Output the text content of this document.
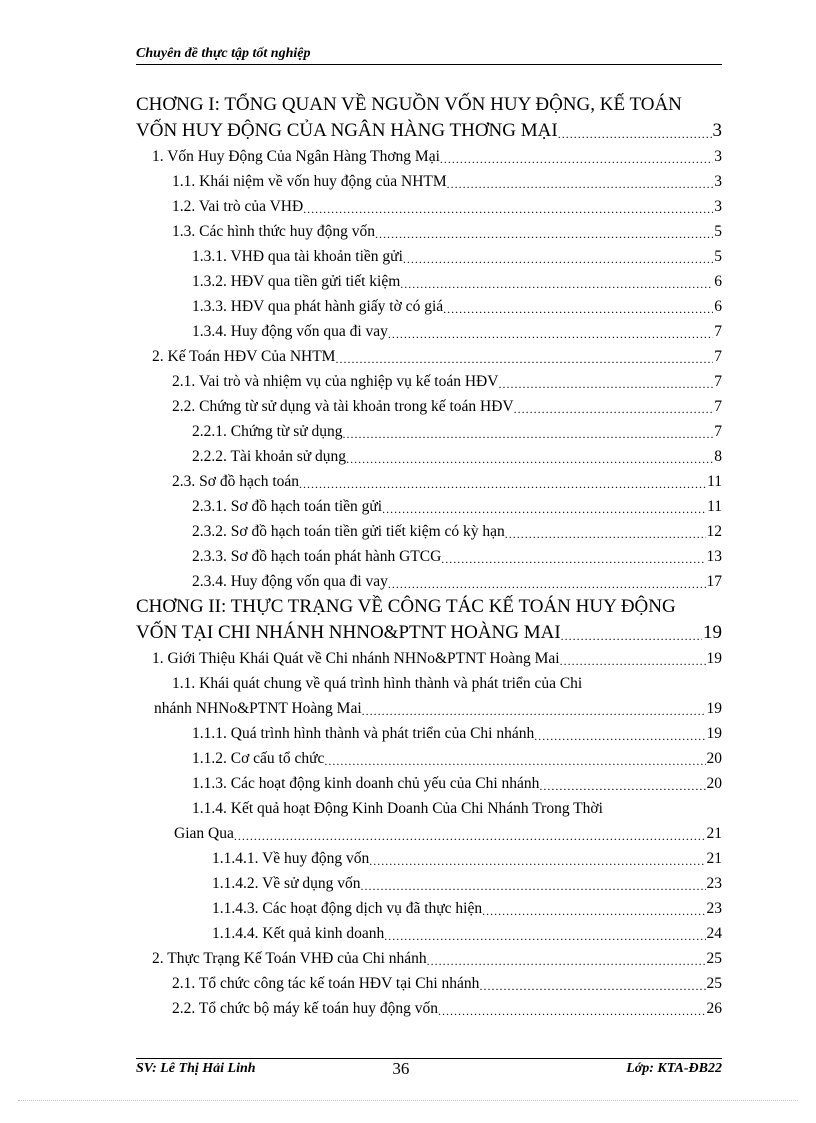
Chuyên đề thực tập tốt nghiệp
CHƠNG I: TỔNG QUAN VỀ NGUỒN VỐN HUY ĐỘNG, KẾ TOÁN
VỐN HUY ĐỘNG CỦA NGÂN HÀNG THƠNG MẠI .....	3
1. Vốn Huy Động Của Ngân Hàng Thơng Mại .....	3
1.1. Khái niệm về vốn huy động của NHTM .....	3
1.2. Vai trò của VHĐ .....	3
1.3. Các hình thức huy động vốn .....	5
1.3.1. VHĐ qua tài khoản tiền gửi .....	5
1.3.2. HĐV qua tiền gửi tiết kiệm .....	6
1.3.3. HĐV qua phát hành giấy tờ có giá .....	6
1.3.4. Huy động vốn qua đi vay .....	7
2. Kế Toán HĐV Của NHTM .....	7
2.1. Vai trò và nhiệm vụ của nghiệp vụ kế toán HĐV .....	7
2.2. Chứng từ sử dụng và tài khoản trong kế toán HĐV .....	7
2.2.1. Chứng từ sử dụng .....	7
2.2.2. Tài khoản sử dụng .....	8
2.3. Sơ đồ hạch toán .....	11
2.3.1. Sơ đồ hạch toán tiền gửi .....	11
2.3.2. Sơ đồ hạch toán tiền gửi tiết kiệm có kỳ hạn .....	12
2.3.3. Sơ đồ hạch toán phát hành GTCG .....	13
2.3.4. Huy động vốn qua đi vay .....	17
CHƠNG II: THỰC TRẠNG VỀ CÔNG TÁC KẾ TOÁN HUY ĐỘNG
VỐN TẠI CHI NHÁNH NHNO&PTNT HOÀNG MAI .....	19
1. Giới Thiệu Khái Quát về Chi nhánh NHNo&PTNT Hoàng Mai .....	19
1.1. Khái quát chung về quá trình hình thành và phát triển của Chi
nhánh NHNo&PTNT Hoàng Mai .....	19
1.1.1. Quá trình hình thành và phát triển của Chi nhánh .....	19
1.1.2. Cơ cấu tổ chức .....	20
1.1.3. Các hoạt động kinh doanh chủ yếu của Chi nhánh .....	20
1.1.4. Kết quả hoạt Động Kinh Doanh Của Chi Nhánh Trong Thời
Gian Qua .....	21
1.1.4.1. Về huy động vốn .....	21
1.1.4.2. Về sử dụng vốn .....	23
1.1.4.3. Các hoạt động dịch vụ đã thực hiện .....	23
1.1.4.4. Kết quả kinh doanh .....	24
2. Thực Trạng Kế Toán VHĐ của Chi nhánh .....	25
2.1. Tổ chức công tác kế toán HĐV tại Chi nhánh .....	25
2.2. Tổ chức bộ máy kế toán huy động vốn .....	26
SV: Lê Thị Hải Linh	36	Lớp: KTA-ĐB22
